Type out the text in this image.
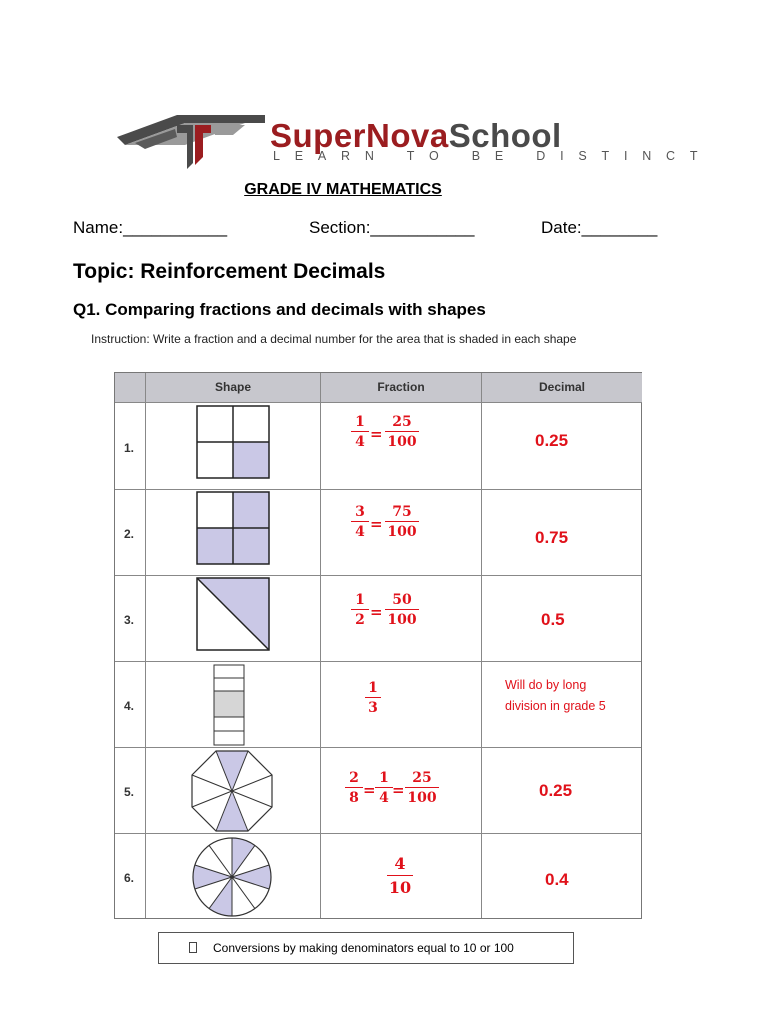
SuperNovaSchool
LEARN TO BE DISTINCT
GRADE IV MATHEMATICS
Name:___________	Section:___________	Date:________
Topic: Reinforcement Decimals
Q1. Comparing fractions and decimals with shapes
Instruction: Write a fraction and a decimal number for the area that is shaded in each shape
Shape	Fraction	Decimal
1.	$\frac{1}{4} = \frac{25}{100}$	0.25
2.	$\frac{3}{4} = \frac{75}{100}$	0.75
3.	$\frac{1}{2} = \frac{50}{100}$	0.5
4.	$\frac{1}{3}$	Will do by long
division in grade 5
5.	$\frac{2}{8} = \frac{1}{4} = \frac{25}{100}$	0.25
6.	$\frac{4}{10}$	0.4
Conversions by making denominators equal to 10 or 100
